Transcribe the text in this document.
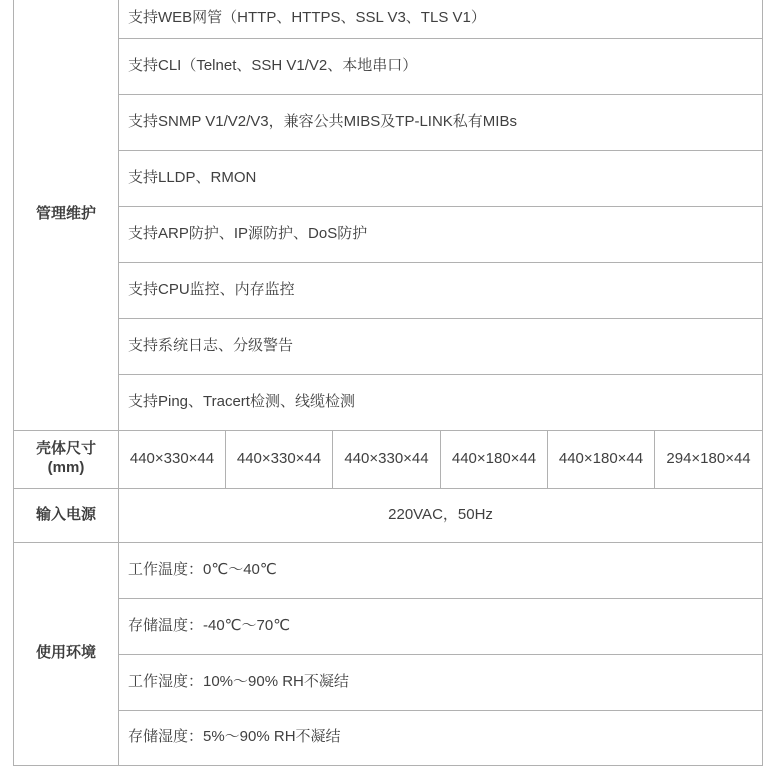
管理维护	支持WEB网管（HTTP、HTTPS、SSL V3、TLS V1）					
	支持CLI（Telnet、SSH V1/V2、本地串口）					
	支持SNMP V1/V2/V3，兼容公共MIBS及TP-LINK私有MIBs					
	支持LLDP、RMON					
	支持ARP防护、IP源防护、DoS防护					
	支持CPU监控、内存监控					
	支持系统日志、分级警告					
	支持Ping、Tracert检测、线缆检测					

壳体尺寸
(mm)	440×330×44	440×330×44	440×330×44	440×180×44	440×180×44	294×180×44
输入电源	220VAC，50Hz					
使用环境	工作温度：0℃～40℃					
	存储温度：-40℃～70℃					
	工作湿度：10%～90% RH不凝结					
	存储湿度：5%～90% RH不凝结					
